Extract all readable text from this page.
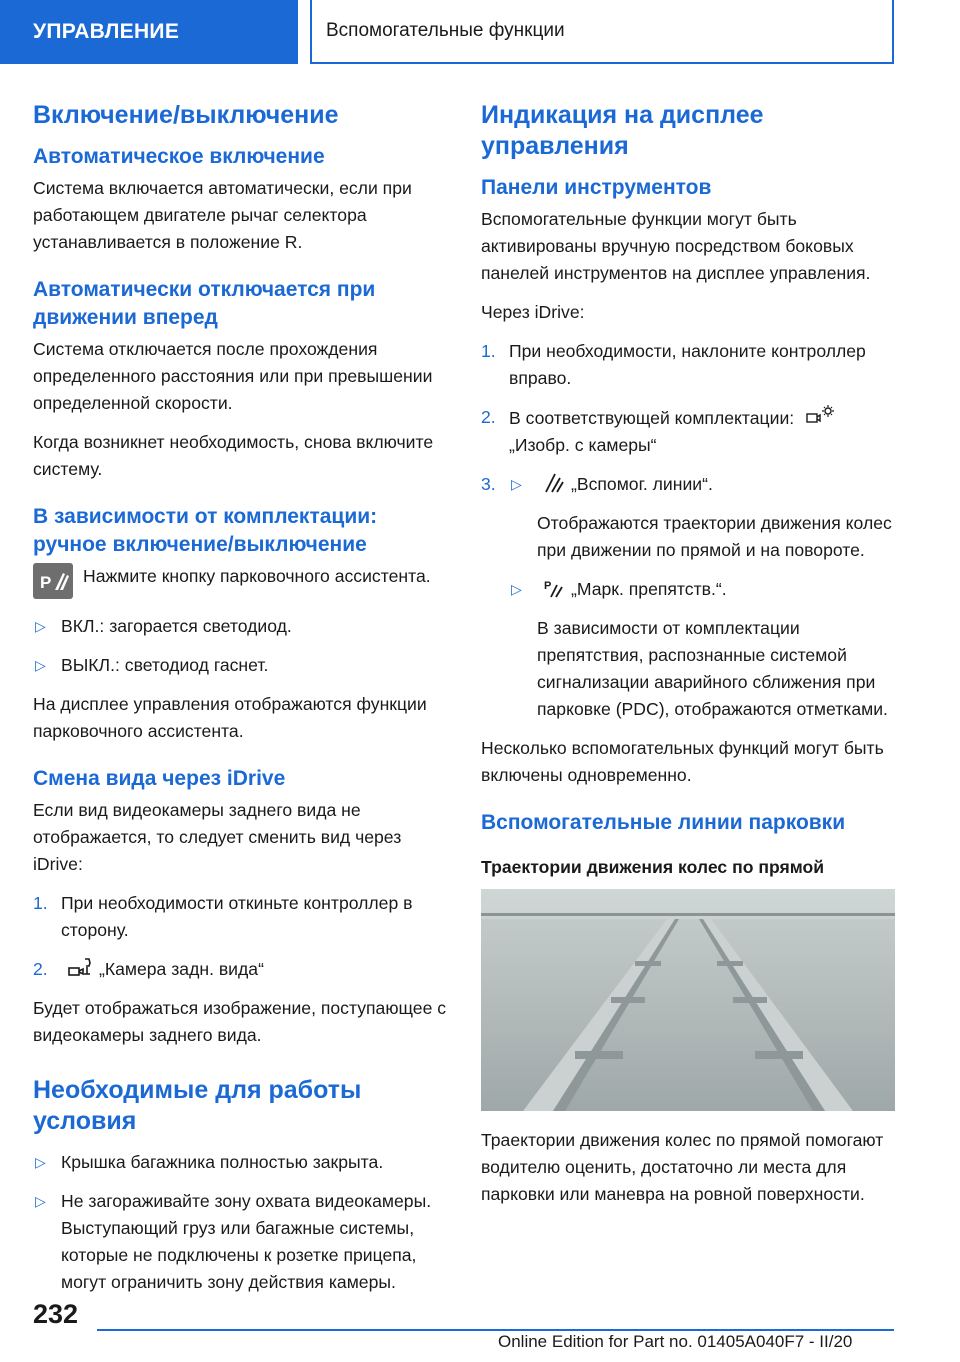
УПРАВЛЕНИЕ	Вспомогательные функции
Включение/выключение
Автоматическое включение

Система включается автоматически, если при работающем двигателе рычаг селектора устанавливается в положение R.

Автоматически отключается при движении вперед

Система отключается после прохождения определенного расстояния или при превышении определенной скорости.

Когда возникнет необходимость, снова включите систему.

В зависимости от комплектации: ручное включение/выключение
P Нажмите кнопку парковочного ассистента.
▷ ВКЛ.: загорается светодиод.
▷ ВЫКЛ.: светодиод гаснет.

На дисплее управления отображаются функции парковочного ассистента.

Смена вида через iDrive

Если вид видеокамеры заднего вида не отображается, то следует сменить вид через iDrive:

1. При необходимости откиньте контроллер в сторону.
2.	„Камера задн. вида“

Будет отображаться изображение, поступающее с видеокамеры заднего вида.

Необходимые для работы условия
▷ Крышка багажника полностью закрыта.
▷ Не загораживайте зону охвата видеокамеры. Выступающий груз или багажные системы, которые не подключены к розетке прицепа, могут ограничить зону действия камеры.
Индикация на дисплее управления
Панели инструментов

Вспомогательные функции могут быть активированы вручную посредством боковых панелей инструментов на дисплее управления.

Через iDrive:

1. При необходимости, наклоните контроллер вправо.
2. В соответствующей комплектации:
„Изобр. с камеры“
3.	▷	„Вспомог. линии“.

Отображаются траектории движения колес при движении по прямой и на повороте.

▷	P „Марк. препятств.“.

В зависимости от комплектации препятствия, распознанные системой сигнализации аварийного сближения при парковке (PDC), отображаются отметками.

Несколько вспомогательных функций могут быть включены одновременно.

Вспомогательные линии парковки
Траектории движения колес по прямой

Траектории движения колес по прямой помогают водителю оценить, достаточно ли места для парковки или маневра на ровной поверхности.

232
Online Edition for Part no. 01405A040F7 - II/20
